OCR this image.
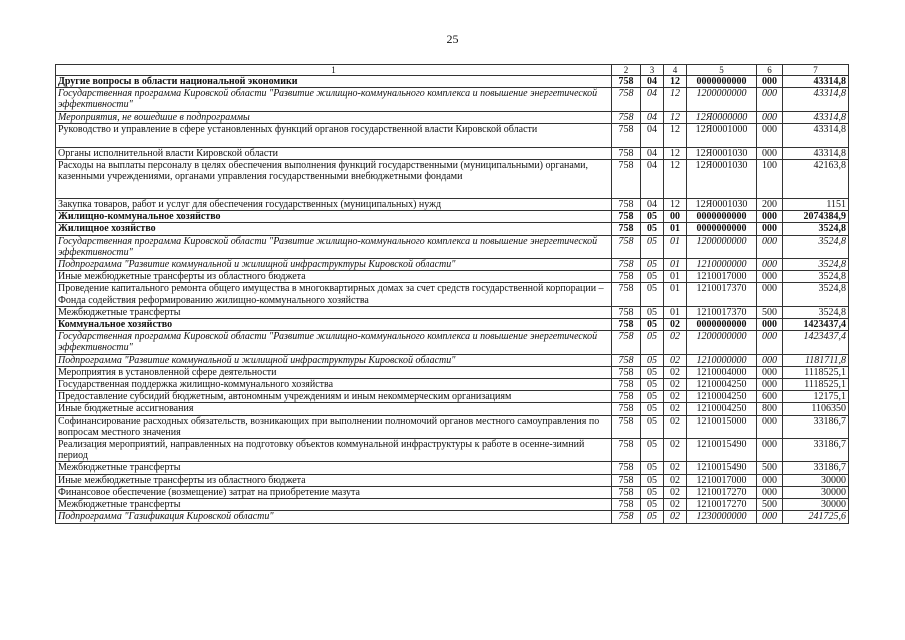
25
1	2	3	4	5	6	7
Другие вопросы в области национальной экономики	758	04	12	0000000000	000	43314,8
Государственная программа Кировской области "Развитие жилищно-коммунального комплекса и повышение энергетической эффективности"	758	04	12	1200000000	000	43314,8
Мероприятия, не вошедшие в подпрограммы	758	04	12	12Я0000000	000	43314,8
Руководство и управление в сфере установленных функций органов государственной власти Кировской области	758	04	12	12Я0001000	000	43314,8
Органы исполнительной власти Кировской области	758	04	12	12Я0001030	000	43314,8
Расходы на выплаты персоналу в целях обеспечения выполнения функций государственными (муниципальными) органами, казенными учреждениями, органами управления государственными внебюджетными фондами	758	04	12	12Я0001030	100	42163,8
Закупка товаров, работ и услуг для обеспечения государственных (муниципальных) нужд	758	04	12	12Я0001030	200	1151
Жилищно-коммунальное хозяйство	758	05	00	0000000000	000	2074384,9
Жилищное хозяйство	758	05	01	0000000000	000	3524,8
Государственная программа Кировской области "Развитие жилищно-коммунального комплекса и повышение энергетической эффективности"	758	05	01	1200000000	000	3524,8
Подпрограмма "Развитие коммунальной и жилищной инфраструктуры Кировской области"	758	05	01	1210000000	000	3524,8
Иные межбюджетные трансферты из областного бюджета	758	05	01	1210017000	000	3524,8
Проведение капитального ремонта общего имущества в многоквартирных домах за счет средств государственной корпорации – Фонда содействия реформированию жилищно-коммунального хозяйства	758	05	01	1210017370	000	3524,8
Межбюджетные трансферты	758	05	01	1210017370	500	3524,8
Коммунальное хозяйство	758	05	02	0000000000	000	1423437,4
Государственная программа Кировской области "Развитие жилищно-коммунального комплекса и повышение энергетической эффективности"	758	05	02	1200000000	000	1423437,4
Подпрограмма "Развитие коммунальной и жилищной инфраструктуры Кировской области"	758	05	02	1210000000	000	1181711,8
Мероприятия в установленной сфере деятельности	758	05	02	1210004000	000	1118525,1
Государственная поддержка жилищно-коммунального хозяйства	758	05	02	1210004250	000	1118525,1
Предоставление субсидий бюджетным, автономным учреждениям и иным некоммерческим организациям	758	05	02	1210004250	600	12175,1
Иные бюджетные ассигнования	758	05	02	1210004250	800	1106350
Софинансирование расходных обязательств, возникающих при выполнении полномочий органов местного самоуправления по вопросам местного значения	758	05	02	1210015000	000	33186,7
Реализация мероприятий, направленных на подготовку объектов коммунальной инфраструктуры к работе в осенне-зимний период	758	05	02	1210015490	000	33186,7
Межбюджетные трансферты	758	05	02	1210015490	500	33186,7
Иные межбюджетные трансферты из областного бюджета	758	05	02	1210017000	000	30000
Финансовое обеспечение (возмещение) затрат на приобретение мазута	758	05	02	1210017270	000	30000
Межбюджетные трансферты	758	05	02	1210017270	500	30000
Подпрограмма "Газификация Кировской области"	758	05	02	1230000000	000	241725,6
